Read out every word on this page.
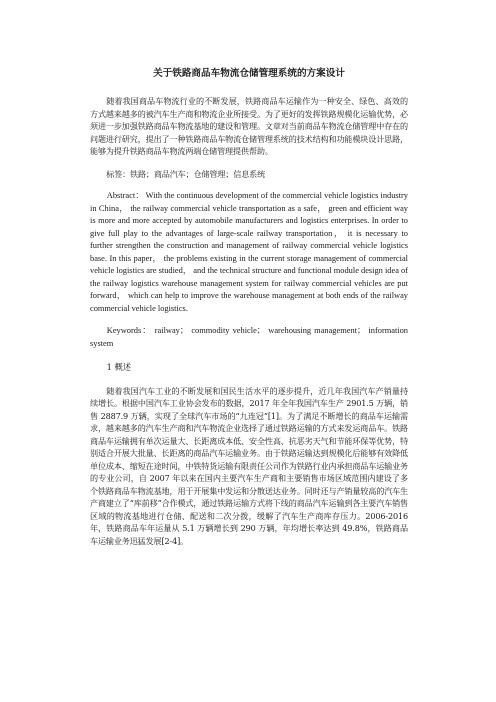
关于铁路商品车物流仓储管理系统的方案设计

随着我国商品车物流行业的不断发展，铁路商品车运输作为一种安全、绿色、高效的方式越来越多的被汽车生产商和物流企业所接受。为了更好的发挥铁路规模化运输优势，必须进一步加强铁路商品车物流基地的建设和管理。文章对当前商品车物流仓储管理中存在的问题进行研究，提出了一种铁路商品车物流仓储管理系统的技术结构和功能模块设计思路，能够为提升铁路商品车物流两端仓储管理提供帮助。

标签：铁路；商品汽车；仓储管理；信息系统

Abstract： With the continuous development of the commercial vehicle logistics industry in China， the railway commercial vehicle transportation as a safe， green and efficient way is more and more accepted by automobile manufacturers and logistics enterprises. In order to give full play to the advantages of large-scale railway transportation， it is necessary to further strengthen the construction and management of railway commercial vehicle logistics base. In this paper， the problems existing in the current storage management of commercial vehicle logistics are studied， and the technical structure and functional module design idea of the railway logistics warehouse management system for railway commercial vehicles are put forward， which can help to improve the warehouse management at both ends of the railway commercial vehicle logistics.

Keywords： railway； commodity vehicle； warehousing management； information system

1 概述

随着我国汽车工业的不断发展和国民生活水平的逐步提升，近几年我国汽车产销量持续增长。根据中国汽车工业协会发布的数据，2017 年全年我国汽车生产 2901.5 万辆，销售 2887.9 万辆，实现了全球汽车市场的“九连冠”[1]。为了满足不断增长的商品车运输需求，越来越多的汽车生产商和汽车物流企业选择了通过铁路运输的方式来发运商品车。铁路商品车运输拥有单次运量大、长距离成本低、安全性高、抗恶劣天气和节能环保等优势，特别适合开展大批量、长距离的商品汽车运输业务。由于铁路运输达到规模化后能够有效降低单位成本、缩短在途时间，中铁特货运输有限责任公司作为铁路行业内承担商品车运输业务的专业公司，自 2007 年以来在国内主要汽车生产商和主要销售市场区域范围内建设了多个铁路商品车物流基地，用于开展集中发运和分散送达业务。同时还与产销量较高的汽车生产商建立了“库前移”合作模式，通过铁路运输方式将下线的商品汽车运输到各主要汽车销售区域的物流基地进行仓储、配送和二次分拨，缓解了汽车生产商库存压力。2006-2016 年，铁路商品车年运量从 5.1 万辆增长到 290 万辆，年均增长率达到 49.8%，铁路商品车运输业务迅猛发展[2-4]。
